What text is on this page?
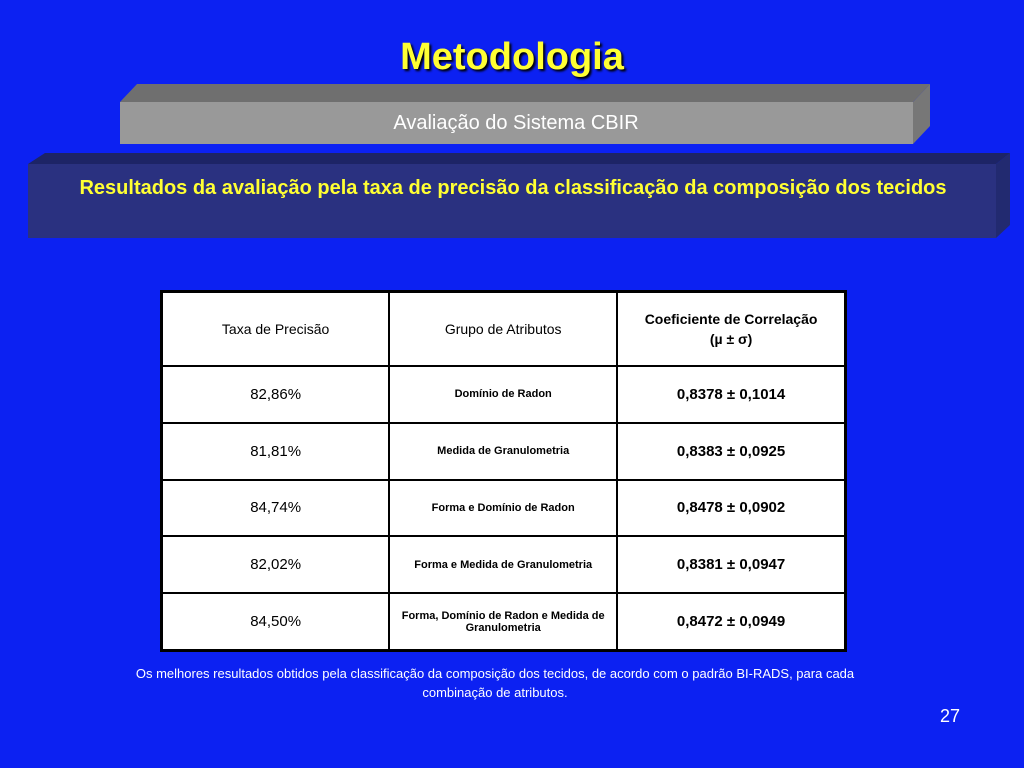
Metodologia
Avaliação do Sistema CBIR
Resultados da avaliação pela taxa de precisão da classificação da composição dos tecidos
Taxa de Precisão	Grupo de Atributos	Coeficiente de Correlação
(µ ± σ)

82,86%	Domínio de Radon	0,8378 ± 0,1014
81,81%	Medida de Granulometria	0,8383 ± 0,0925
84,74%	Forma e Domínio de Radon	0,8478 ± 0,0902
82,02%	Forma e Medida de Granulometria	0,8381 ± 0,0947
84,50%	Forma, Domínio de Radon e Medida de Granulometria	0,8472 ± 0,0949
Os melhores resultados obtidos pela classificação da composição dos tecidos, de acordo com o padrão BI-RADS, para cada combinação de atributos.
27
